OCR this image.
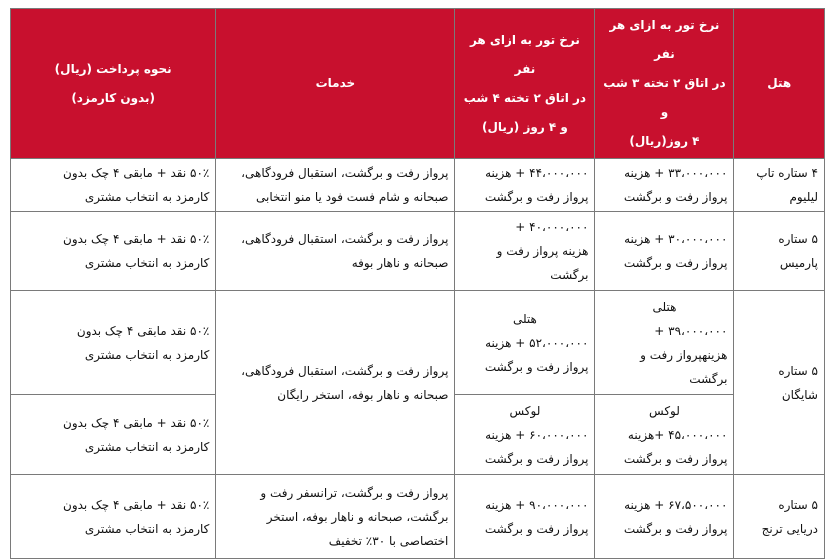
هتل	نرخ تور به ازای هر نفر
در اتاق ۲ تخته ۳ شب و
۴ روز(ریال)	نرخ تور به ازای هر نفر
در اتاق ۲ تخته ۴ شب
و ۴ روز (ریال)	خدمات	نحوه پرداخت (ریال)
(بدون کارمزد)

۴ ستاره تاپ
لیلیوم	۳۳،۰۰۰،۰۰۰ + هزینه
پرواز رفت و برگشت	۴۴،۰۰۰،۰۰۰ + هزینه
پرواز رفت و برگشت	پرواز رفت و برگشت، استقبال فرودگاهی،
صبحانه و شام فست فود یا منو انتخابی	۵۰٪ نقد + مابقی ۴ چک بدون
کارمزد به انتخاب مشتری

۵ ستاره
پارمیس	۳۰،۰۰۰،۰۰۰ + هزینه
پرواز رفت و برگشت	۴۰،۰۰۰،۰۰۰ +
هزینه پرواز رفت و
برگشت	پرواز رفت و برگشت، استقبال فرودگاهی،
صبحانه و ناهار بوفه	۵۰٪ نقد + مابقی ۴ چک بدون
کارمزد به انتخاب مشتری

۵ ستاره
شایگان	هتلی
۳۹،۰۰۰،۰۰۰ +
هزینهپرواز رفت و
برگشت	هتلی
۵۲،۰۰۰،۰۰۰ + هزینه
پرواز رفت و برگشت	پرواز رفت و برگشت، استقبال فرودگاهی،
صبحانه و ناهار بوفه، استخر رایگان	۵۰٪ نقد مابقی ۴ چک بدون
کارمزد به انتخاب مشتری

	لوکس
۴۵،۰۰۰،۰۰۰ +هزینه
پرواز رفت و برگشت	لوکس
۶۰،۰۰۰،۰۰۰ + هزینه
پرواز رفت و برگشت		۵۰٪ نقد + مابقی ۴ چک بدون
کارمزد به انتخاب مشتری

۵ ستاره
دریایی ترنج	۶۷،۵۰۰،۰۰۰ + هزینه
پرواز رفت و برگشت	۹۰،۰۰۰،۰۰۰ + هزینه
پرواز رفت و برگشت	پرواز رفت و برگشت، ترانسفر رفت و
برگشت، صبحانه و ناهار بوفه، استخر
اختصاصی با ۳۰٪ تخفیف	۵۰٪ نقد + مابقی ۴ چک بدون
کارمزد به انتخاب مشتری
